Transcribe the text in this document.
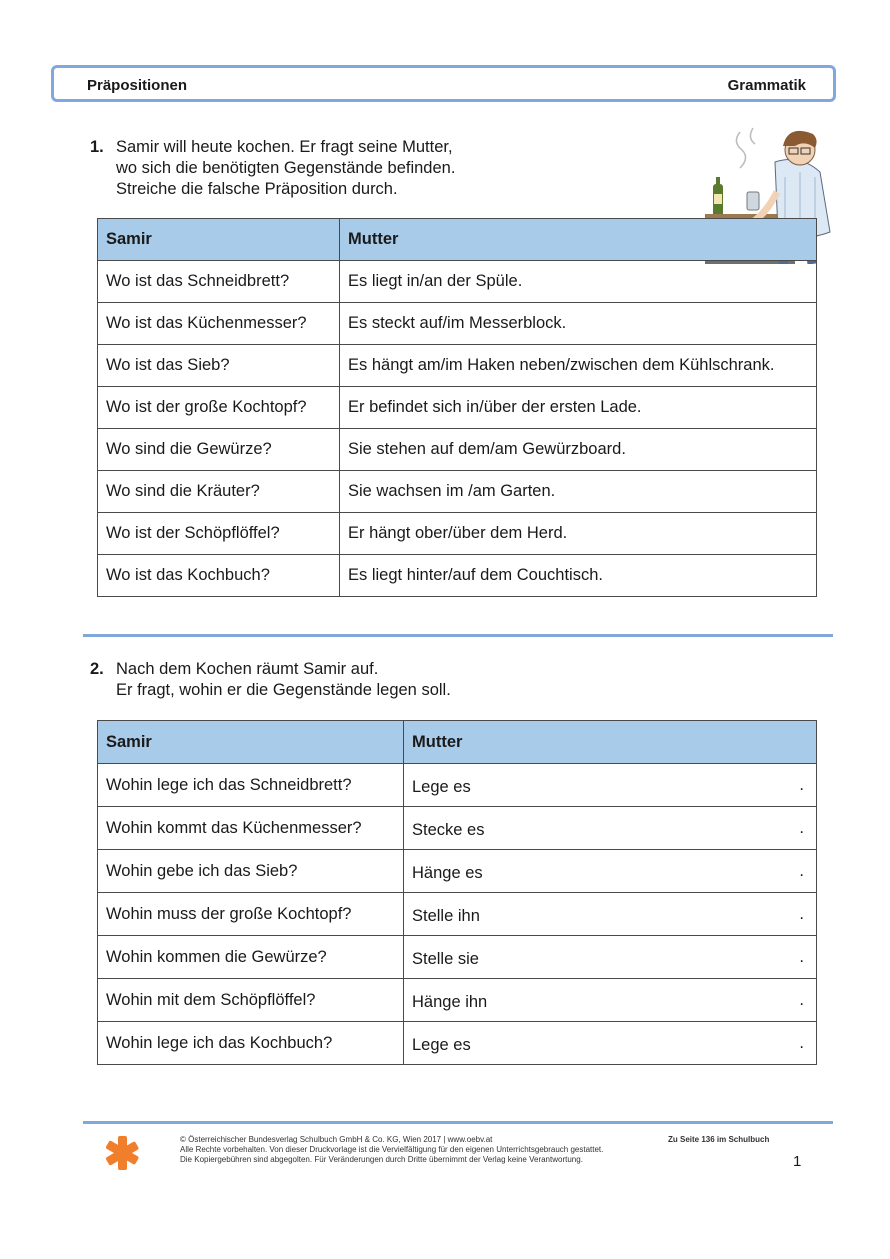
Präpositionen	Grammatik
1. Samir will heute kochen. Er fragt seine Mutter,
wo sich die benötigten Gegenstände befinden.
Streiche die falsche Präposition durch.
Samir	Mutter
Wo ist das Schneidbrett?	Es liegt in/an der Spüle.
Wo ist das Küchenmesser?	Es steckt auf/im Messerblock.
Wo ist das Sieb?	Es hängt am/im Haken neben/zwischen dem Kühlschrank.
Wo ist der große Kochtopf?	Er befindet sich in/über der ersten Lade.
Wo sind die Gewürze?	Sie stehen auf dem/am Gewürzboard.
Wo sind die Kräuter?	Sie wachsen im /am Garten.
Wo ist der Schöpflöffel?	Er hängt ober/über dem Herd.
Wo ist das Kochbuch?	Es liegt hinter/auf dem Couchtisch.
2. Nach dem Kochen räumt Samir auf.
Er fragt, wohin er die Gegenstände legen soll.
Samir	Mutter
Wohin lege ich das Schneidbrett?	Lege es .

Wohin kommt das Küchenmesser?	Stecke es .

Wohin gebe ich das Sieb?	Hänge es .

Wohin muss der große Kochtopf?	Stelle ihn .

Wohin kommen die Gewürze?	Stelle sie .

Wohin mit dem Schöpflöffel?	Hänge ihn .

Wohin lege ich das Kochbuch?	Lege es .
© Österreichischer Bundesverlag Schulbuch GmbH & Co. KG, Wien 2017 | www.oebv.at
Alle Rechte vorbehalten. Von dieser Druckvorlage ist die Vervielfältigung für den eigenen Unterrichtsgebrauch gestattet.
Die Kopiergebühren sind abgegolten. Für Veränderungen durch Dritte übernimmt der Verlag keine Verantwortung.
Zu Seite 136 im Schulbuch
1
